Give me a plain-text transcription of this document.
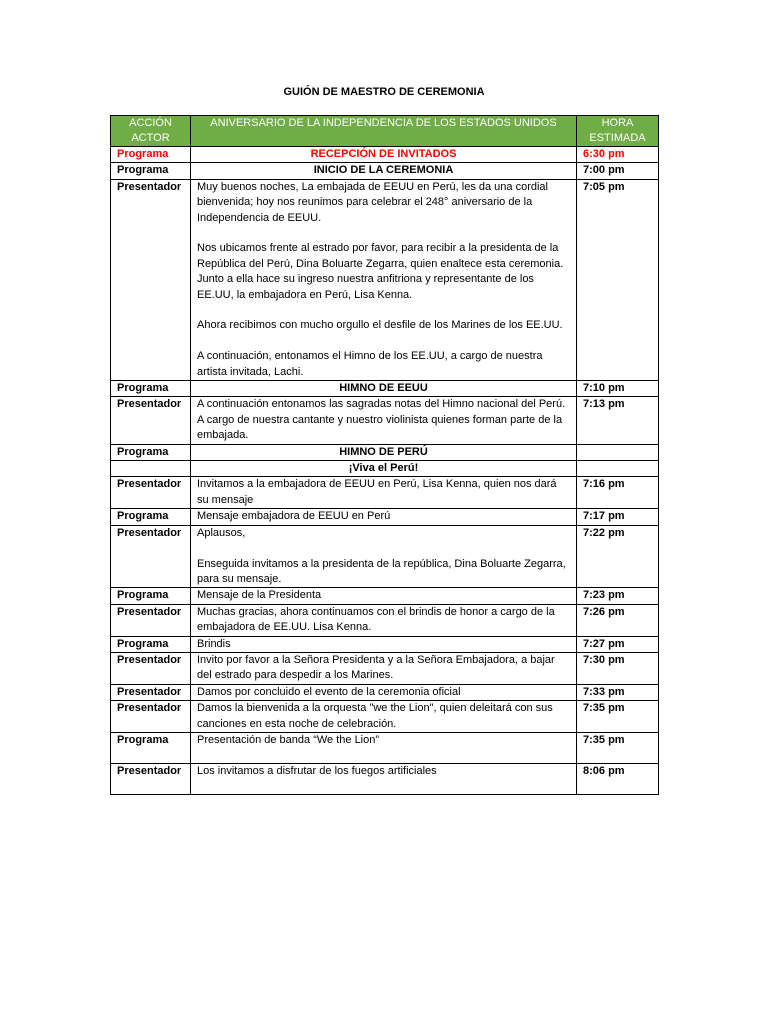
GUIÓN DE MAESTRO DE CEREMONIA
ACCIÓN ACTOR	ANIVERSARIO DE LA INDEPENDENCIA DE LOS ESTADOS UNIDOS	HORA ESTIMADA
Programa	RECEPCIÓN DE INVITADOS	6:30 pm
Programa	INICIO DE LA CEREMONIA	7:00 pm
Presentador	Muy buenos noches, La embajada de EEUU en Perú, les da una cordial bienvenida; hoy nos reunimos para celebrar el 248° aniversario de la Independencia de EEUU.
Nos ubicamos frente al estrado por favor, para recibir a la presidenta de la República del Perú, Dina Boluarte Zegarra, quien enaltece esta ceremonia. Junto a ella hace su ingreso nuestra anfitriona y representante de los EE.UU, la embajadora en Perú, Lisa Kenna.
Ahora recibimos con mucho orgullo el desfile de los Marines de los EE.UU.
A continuación, entonamos el Himno de los EE.UU, a cargo de nuestra artista invitada, Lachi.	7:05 pm
Programa	HIMNO DE EEUU	7:10 pm
Presentador	A continuación entonamos las sagradas notas del Himno nacional del Perú. A cargo de nuestra cantante y nuestro violinista quienes forman parte de la embajada.	7:13 pm
Programa	HIMNO DE PERÚ	

	¡Viva el Perú!	

Presentador	Invitamos a la embajadora de EEUU en Perú, Lisa Kenna, quien nos dará su mensaje	7:16 pm
Programa	Mensaje embajadora de EEUU en Perú	7:17 pm
Presentador	Aplausos,
Enseguida invitamos a la presidenta de la república, Dina Boluarte Zegarra, para su mensaje.	7:22 pm
Programa	Mensaje de la Presidenta	7:23 pm
Presentador	Muchas gracias, ahora continuamos con el brindis de honor a cargo de la embajadora de EE.UU. Lisa Kenna.	7:26 pm
Programa	Brindis	7:27 pm
Presentador	Invito por favor a la Señora Presidenta y a la Señora Embajadora, a bajar del estrado para despedir a los Marines.	7:30 pm
Presentador	Damos por concluido el evento de la ceremonia oficial	7:33 pm
Presentador	Damos la bienvenida a la orquesta "we the Lion", quien deleitará con sus canciones en esta noche de celebración.	7:35 pm
Programa	Presentación de banda “We the Lion”	7:35 pm
Presentador	Los invitamos a disfrutar de los fuegos artificiales	8:06 pm
